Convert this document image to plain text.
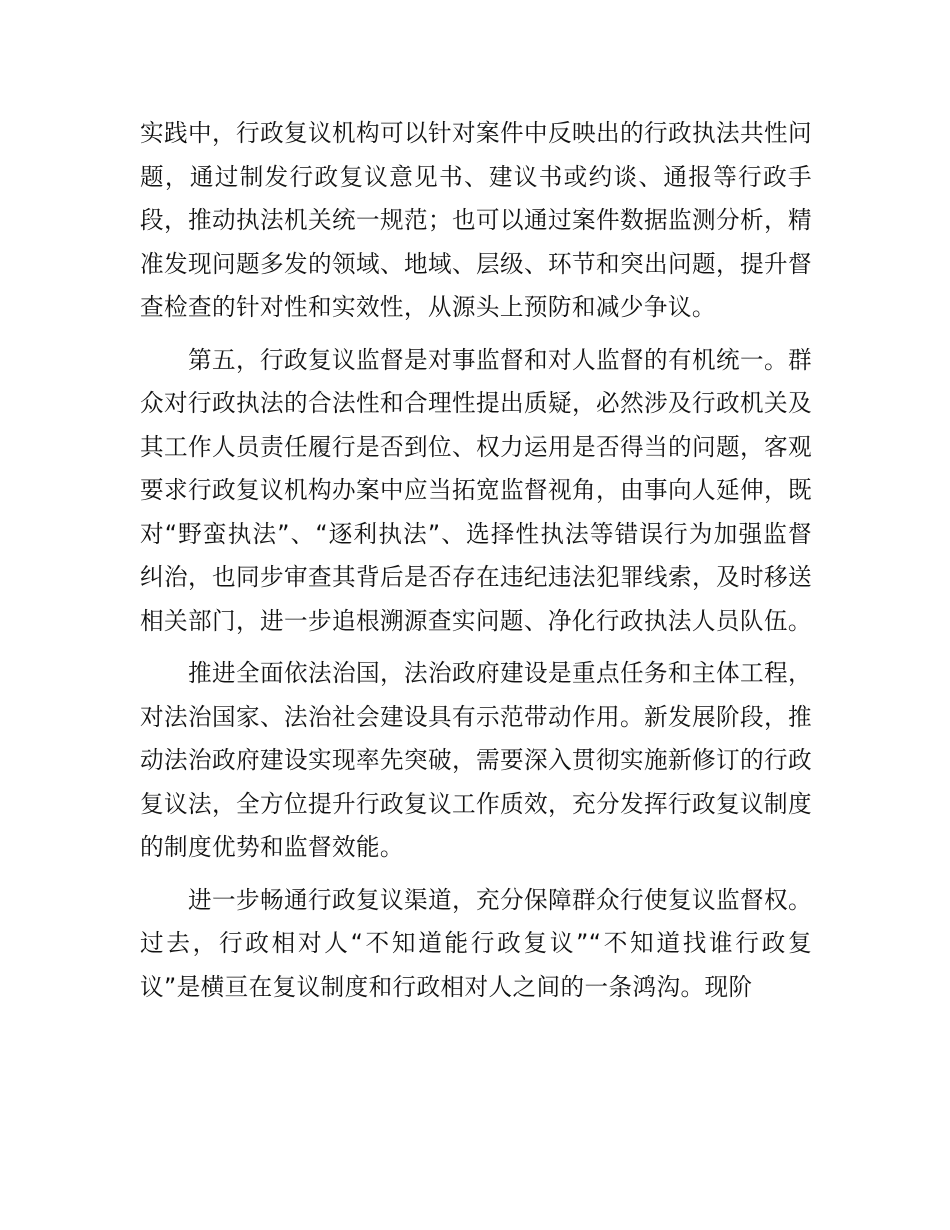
实践中，行政复议机构可以针对案件中反映出的行政执法共性问题，通过制发行政复议意见书、建议书或约谈、通报等行政手段，推动执法机关统一规范；也可以通过案件数据监测分析，精准发现问题多发的领域、地域、层级、环节和突出问题，提升督查检查的针对性和实效性，从源头上预防和减少争议。

第五，行政复议监督是对事监督和对人监督的有机统一。群众对行政执法的合法性和合理性提出质疑，必然涉及行政机关及其工作人员责任履行是否到位、权力运用是否得当的问题，客观要求行政复议机构办案中应当拓宽监督视角，由事向人延伸，既对“野蛮执法”、“逐利执法”、选择性执法等错误行为加强监督纠治，也同步审查其背后是否存在违纪违法犯罪线索，及时移送相关部门，进一步追根溯源查实问题、净化行政执法人员队伍。

推进全面依法治国，法治政府建设是重点任务和主体工程，对法治国家、法治社会建设具有示范带动作用。新发展阶段，推动法治政府建设实现率先突破，需要深入贯彻实施新修订的行政复议法，全方位提升行政复议工作质效，充分发挥行政复议制度的制度优势和监督效能。

进一步畅通行政复议渠道，充分保障群众行使复议监督权。过去，行政相对人“不知道能行政复议”“不知道找谁行政复议”是横亘在复议制度和行政相对人之间的一条鸿沟。现阶
